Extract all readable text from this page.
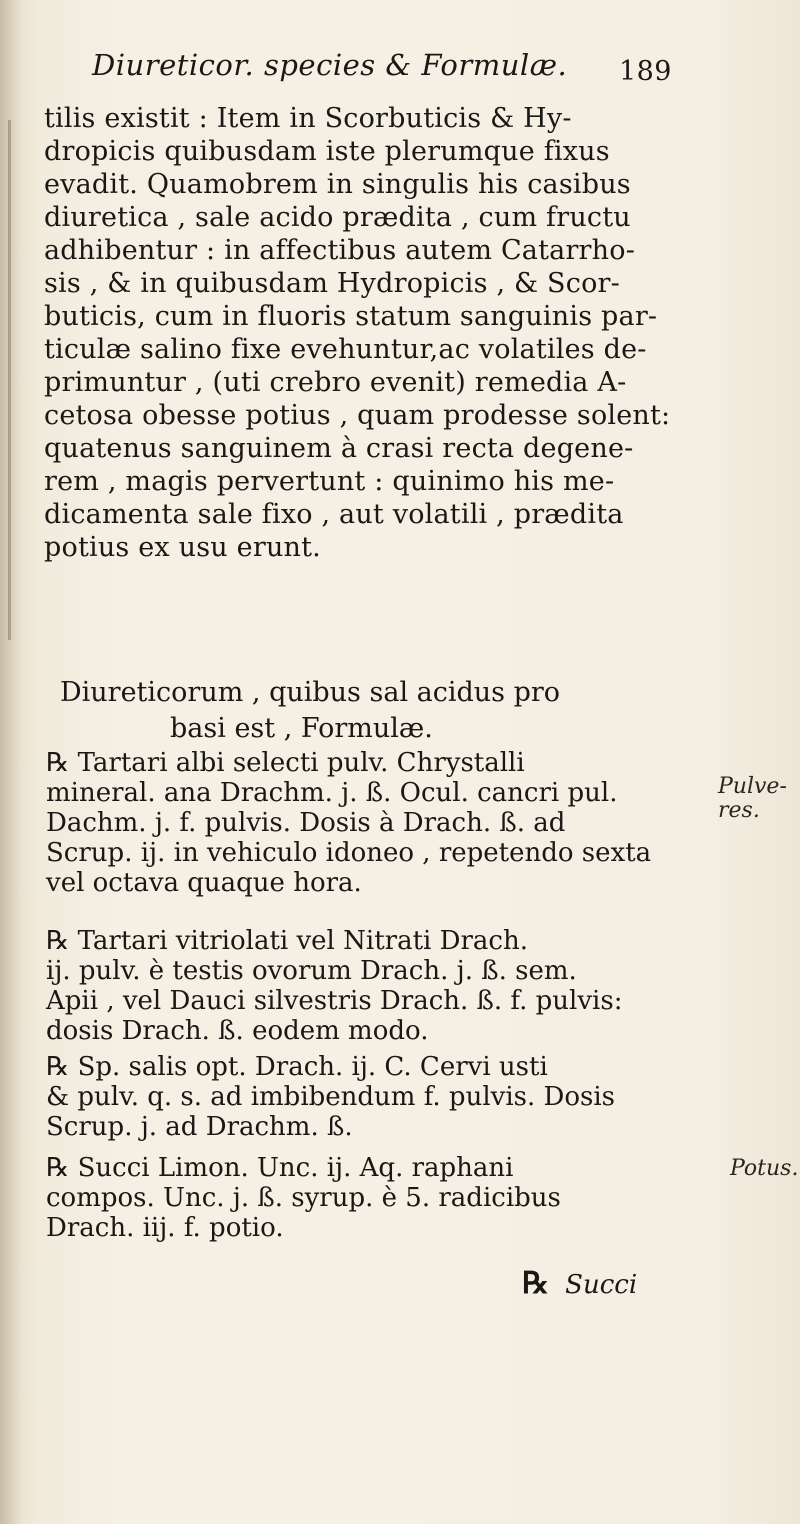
Diureticor. species & Formulæ. 189
tilis existit : Item in Scorbuticis & Hy-
dropicis quibusdam iste plerumque fixus
evadit. Quamobrem in singulis his casibus
diuretica , sale acido prædita , cum fructu
adhibentur : in affectibus autem Catarrho-
sis , & in quibusdam Hydropicis , & Scor-
buticis, cum in fluoris statum sanguinis par-
ticulæ salino fixe evehuntur,ac volatiles de-
primuntur , (uti crebro evenit) remedia A-
cetosa obesse potius , quam prodesse solent:
quatenus sanguinem à crasi recta degene-
rem , magis pervertunt : quinimo his me-
dicamenta sale fixo , aut volatili , prædita
potius ex usu erunt.
Diureticorum , quibus sal acidus pro
basi est , Formulæ.
℞ Tartari albi selecti pulv. Chrystalli
mineral. ana Drachm. j. ß. Ocul. cancri pul.
Dachm. j. f. pulvis. Dosis à Drach. ß. ad
Scrup. ij. in vehiculo idoneo , repetendo sexta
vel octava quaque hora.
℞ Tartari vitriolati vel Nitrati Drach.
ij. pulv. è testis ovorum Drach. j. ß. sem.
Apii , vel Dauci silvestris Drach. ß. f. pulvis:
dosis Drach. ß. eodem modo.
℞ Sp. salis opt. Drach. ij. C. Cervi usti
& pulv. q. s. ad imbibendum f. pulvis. Dosis
Scrup. j. ad Drachm. ß.
℞ Succi Limon. Unc. ij. Aq. raphani
compos. Unc. j. ß. syrup. è 5. radicibus
Drach. iij. f. potio.
Pulve-
res.
Potus.
℞ Succi
